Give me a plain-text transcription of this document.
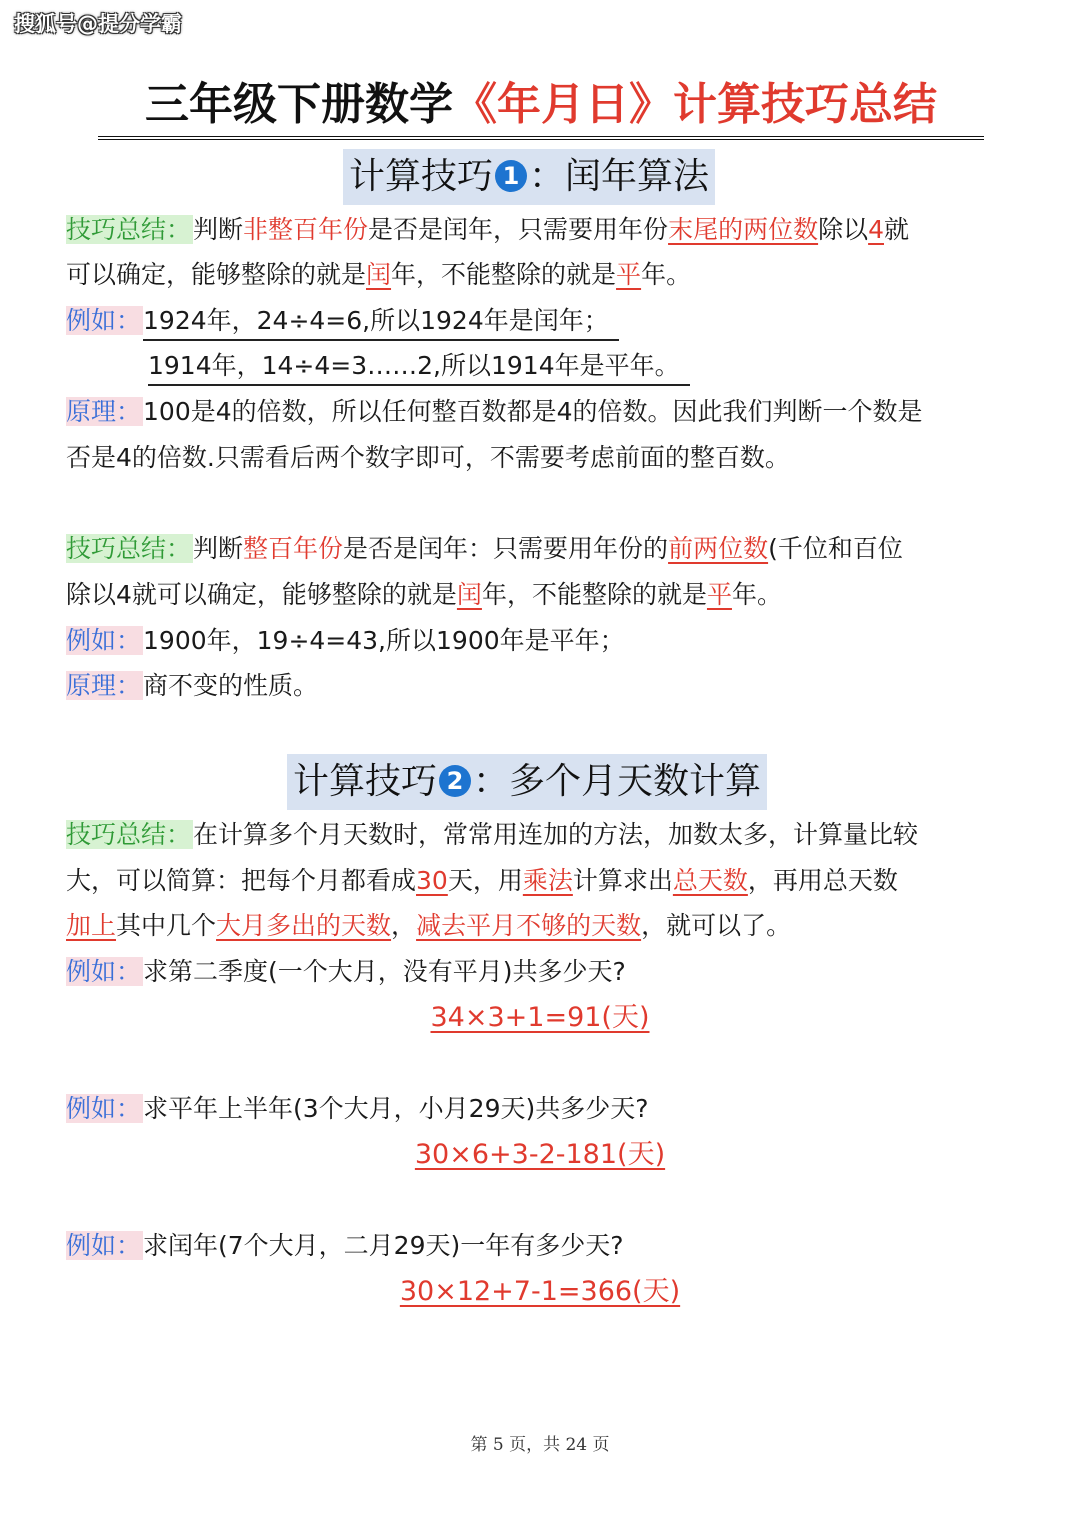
搜狐号@提分学霸
三年级下册数学《年月日》计算技巧总结
计算技巧 1 ：闰年算法
技巧总结：判断非整百年份是否是闰年，只需要用年份末尾的两位数除以4就
可以确定，能够整除的就是闰年，不能整除的就是平年。
例如：1924年，24÷4=6,所以1924年是闰年；
1914年，14÷4=3……2,所以1914年是平年。
原理：100是4的倍数，所以任何整百数都是4的倍数。因此我们判断一个数是
否是4的倍数.只需看后两个数字即可，不需要考虑前面的整百数。
技巧总结：判断整百年份是否是闰年：只需要用年份的前两位数(千位和百位
除以4就可以确定，能够整除的就是闰年，不能整除的就是平年。
例如：1900年，19÷4=43,所以1900年是平年；
原理：商不变的性质。
计算技巧 2 ：多个月天数计算
技巧总结：在计算多个月天数时，常常用连加的方法，加数太多，计算量比较
大，可以简算：把每个月都看成30天，用乘法计算求出总天数，再用总天数
加上其中几个大月多出的天数，减去平月不够的天数，就可以了。
例如：求第二季度(一个大月，没有平月)共多少天?
34×3+1=91(天)
例如：求平年上半年(3个大月，小月29天)共多少天?
30×6+3-2-181(天)
例如：求闰年(7个大月，二月29天)一年有多少天?
30×12+7-1=366(天)
第 5 页，共 24 页
